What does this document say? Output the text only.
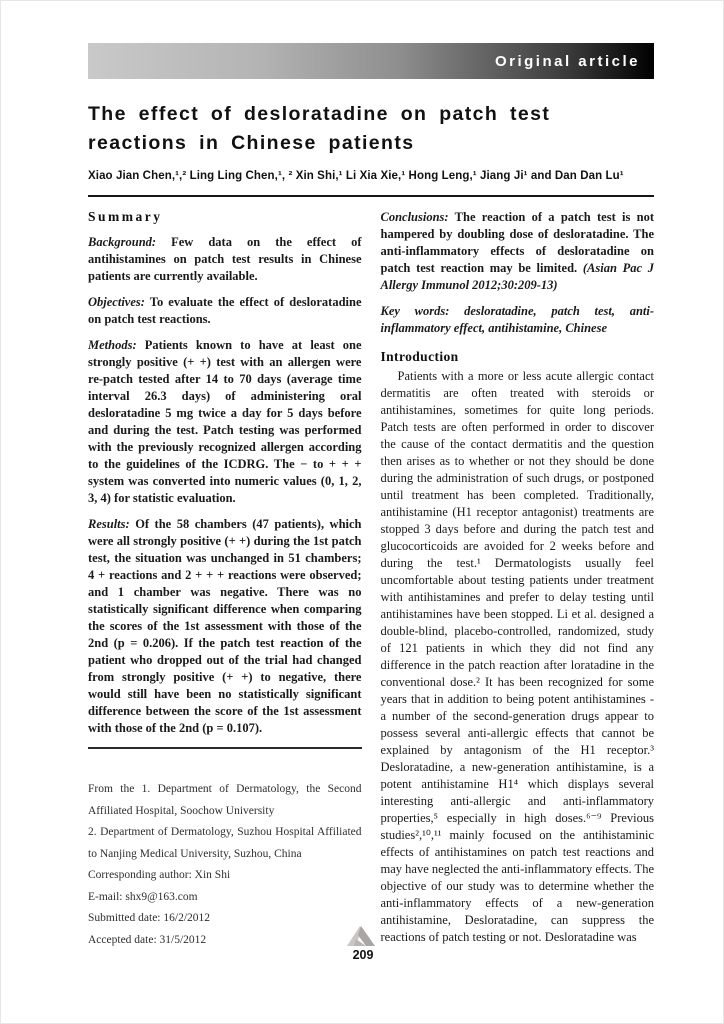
Original article
The effect of desloratadine on patch test reactions in Chinese patients
Xiao Jian Chen,¹,² Ling Ling Chen,¹, ² Xin Shi,¹ Li Xia Xie,¹ Hong Leng,¹ Jiang Ji¹ and Dan Dan Lu¹
Summary

Background: Few data on the effect of antihistamines on patch test results in Chinese patients are currently available.

Objectives: To evaluate the effect of desloratadine on patch test reactions.

Methods: Patients known to have at least one strongly positive (+ +) test with an allergen were re-patch tested after 14 to 70 days (average time interval 26.3 days) of administering oral desloratadine 5 mg twice a day for 5 days before and during the test. Patch testing was performed with the previously recognized allergen according to the guidelines of the ICDRG. The − to + + + system was converted into numeric values (0, 1, 2, 3, 4) for statistic evaluation.

Results: Of the 58 chambers (47 patients), which were all strongly positive (+ +) during the 1st patch test, the situation was unchanged in 51 chambers; 4 + reactions and 2 + + + reactions were observed; and 1 chamber was negative. There was no statistically significant difference when comparing the scores of the 1st assessment with those of the 2nd (p = 0.206). If the patch test reaction of the patient who dropped out of the trial had changed from strongly positive (+ +) to negative, there would still have been no statistically significant difference between the score of the 1st assessment with those of the 2nd (p = 0.107).

From the 1. Department of Dermatology, the Second Affiliated Hospital, Soochow University
2. Department of Dermatology, Suzhou Hospital Affiliated to Nanjing Medical University, Suzhou, China
Corresponding author: Xin Shi
E-mail: shx9@163.com
Submitted date: 16/2/2012
Accepted date: 31/5/2012

Conclusions: The reaction of a patch test is not hampered by doubling dose of desloratadine. The anti-inflammatory effects of desloratadine on patch test reaction may be limited. (Asian Pac J Allergy Immunol 2012;30:209-13)

Key words: desloratadine, patch test, anti-inflammatory effect, antihistamine, Chinese

Introduction

Patients with a more or less acute allergic contact dermatitis are often treated with steroids or antihistamines, sometimes for quite long periods. Patch tests are often performed in order to discover the cause of the contact dermatitis and the question then arises as to whether or not they should be done during the administration of such drugs, or postponed until treatment has been completed. Traditionally, antihistamine (H1 receptor antagonist) treatments are stopped 3 days before and during the patch test and glucocorticoids are avoided for 2 weeks before and during the test.¹ Dermatologists usually feel uncomfortable about testing patients under treatment with antihistamines and prefer to delay testing until antihistamines have been stopped. Li et al. designed a double-blind, placebo-controlled, randomized, study of 121 patients in which they did not find any difference in the patch reaction after loratadine in the conventional dose.² It has been recognized for some years that in addition to being potent antihistamines - a number of the second-generation drugs appear to possess several anti-allergic effects that cannot be explained by antagonism of the H1 receptor.³ Desloratadine, a new-generation antihistamine, is a potent antihistamine H1⁴ which displays several interesting anti-allergic and anti-inflammatory properties,⁵ especially in high doses.⁶⁻⁹ Previous studies²,¹⁰,¹¹ mainly focused on the antihistaminic effects of antihistamines on patch test reactions and may have neglected the anti-inflammatory effects. The objective of our study was to determine whether the anti-inflammatory effects of a new-generation antihistamine, Desloratadine, can suppress the reactions of patch testing or not. Desloratadine was

209
